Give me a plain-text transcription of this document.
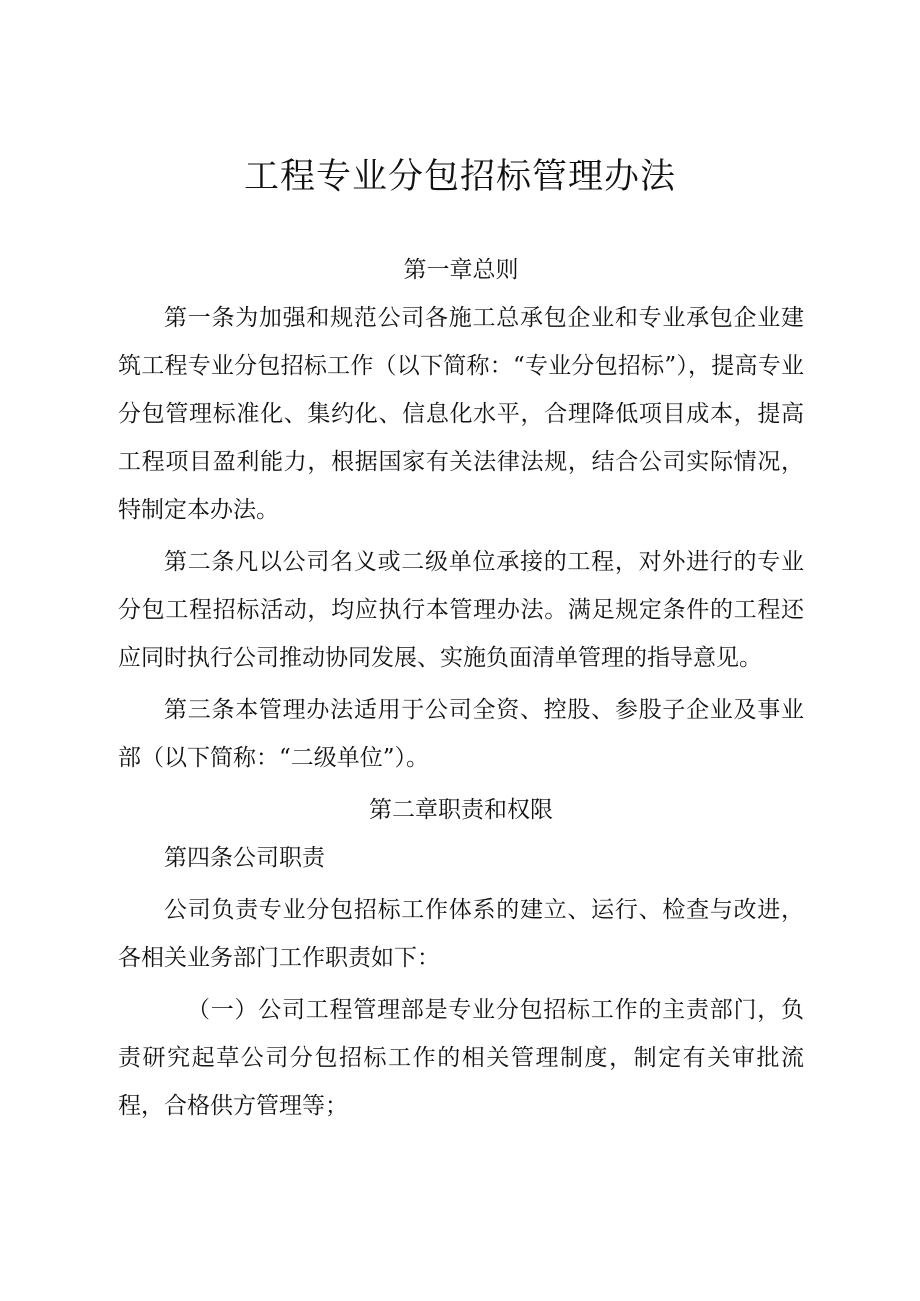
工程专业分包招标管理办法
第一章总则

第一条为加强和规范公司各施工总承包企业和专业承包企业建筑工程专业分包招标工作（以下简称：“专业分包招标”），提高专业分包管理标准化、集约化、信息化水平，合理降低项目成本，提高工程项目盈利能力，根据国家有关法律法规，结合公司实际情况，特制定本办法。

第二条凡以公司名义或二级单位承接的工程，对外进行的专业分包工程招标活动，均应执行本管理办法。满足规定条件的工程还应同时执行公司推动协同发展、实施负面清单管理的指导意见。

第三条本管理办法适用于公司全资、控股、参股子企业及事业部（以下简称：“二级单位”）。

第二章职责和权限

第四条公司职责

公司负责专业分包招标工作体系的建立、运行、检查与改进，各相关业务部门工作职责如下：

（一）公司工程管理部是专业分包招标工作的主责部门，负责研究起草公司分包招标工作的相关管理制度，制定有关审批流程，合格供方管理等；
